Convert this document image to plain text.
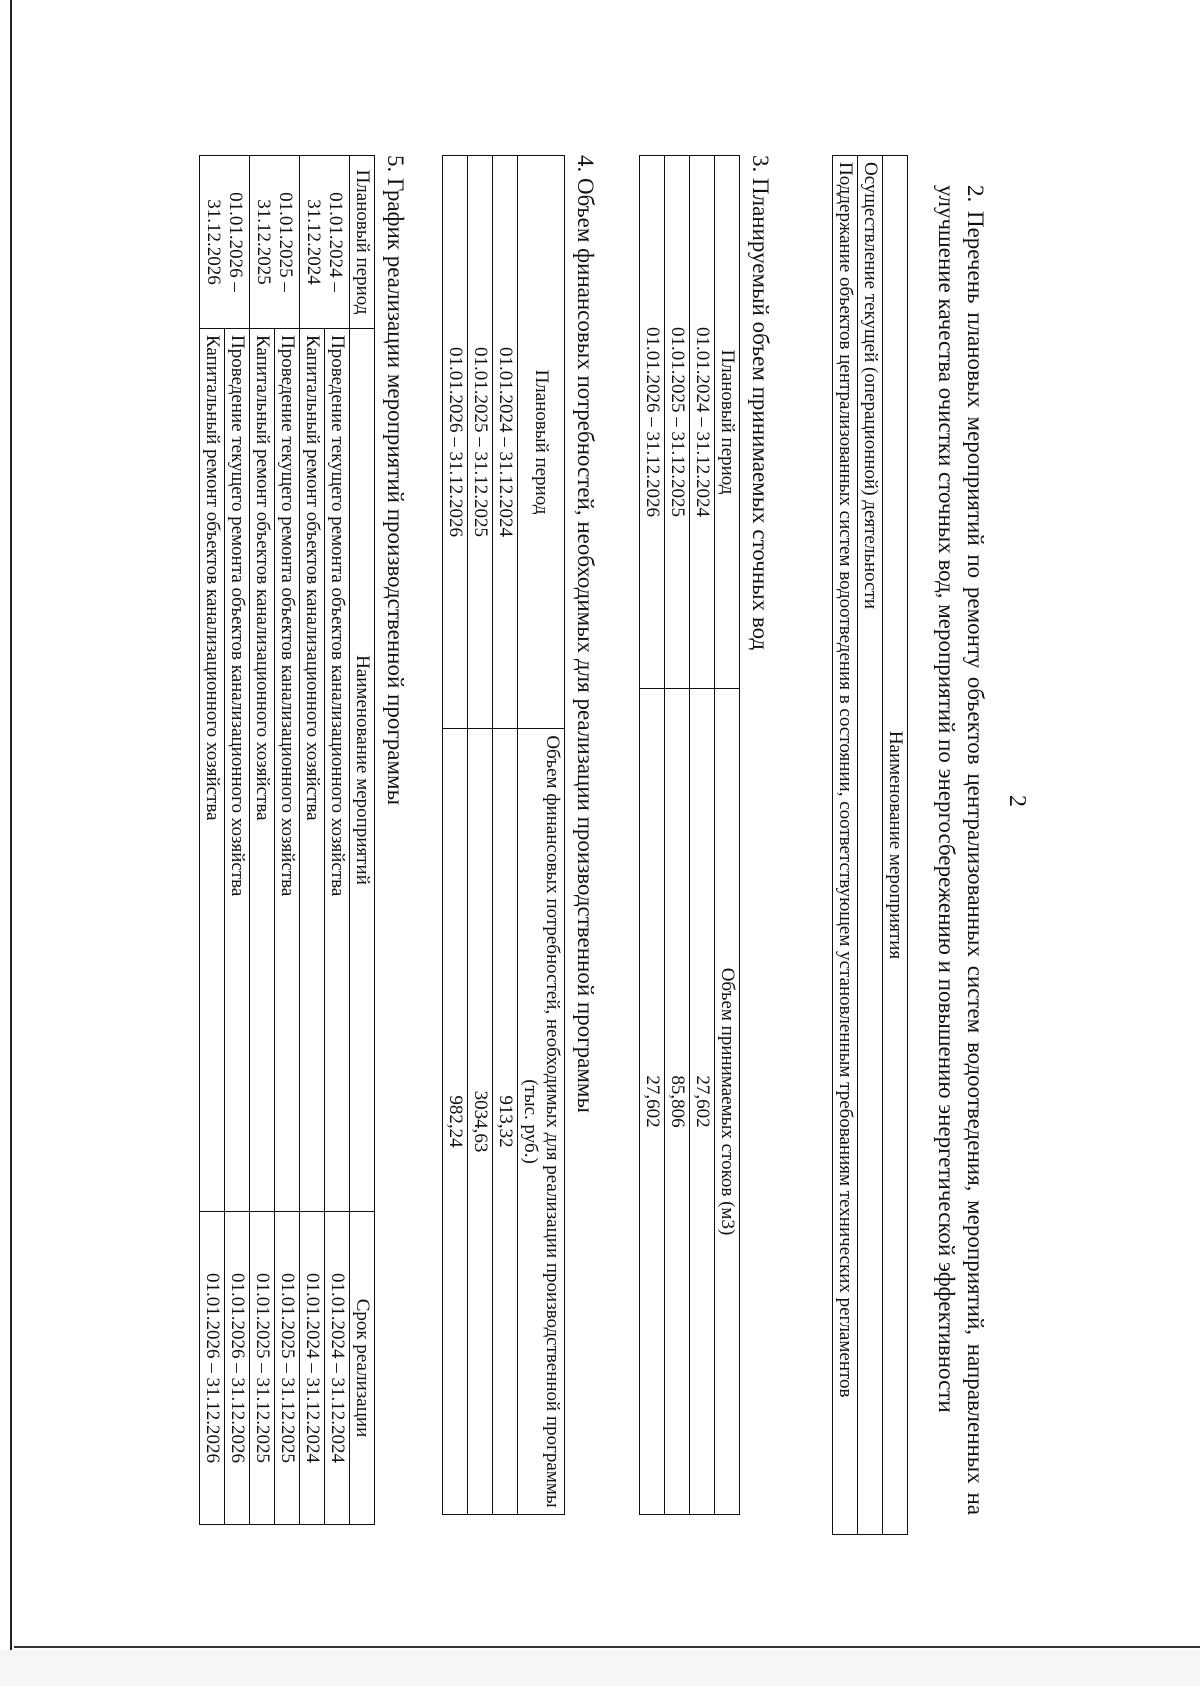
2
2. Перечень плановых мероприятий по ремонту объектов централизованных систем водоотведения, мероприятий, направленных на улучшение качества очистки сточных вод, мероприятий по энергосбережению и повышению энергетической эффективности
Наименование мероприятия
Осуществление текущей (операционной) деятельности
Поддержание объектов централизованных систем водоотведения в состоянии, соответствующем установленным требованиям технических регламентов
3. Планируемый объем принимаемых сточных вод
Плановый период	Объем принимаемых стоков (м3)
01.01.2024 – 31.12.2024	27,602
01.01.2025 – 31.12.2025	85,806
01.01.2026 – 31.12.2026	27,602
4. Объем финансовых потребностей, необходимых для реализации производственной программы
Плановый период	Объем финансовых потребностей, необходимых для реализации производственной программы (тыс. руб.)
01.01.2024 – 31.12.2024	913,32
01.01.2025 – 31.12.2025	3034,63
01.01.2026 – 31.12.2026	982,24
5. График реализации мероприятий производственной программы
Плановый период	Наименование мероприятий	Срок реализации
01.01.2024 – 31.12.2024	Проведение текущего ремонта объектов канализационного хозяйства	01.01.2024 – 31.12.2024
	Капитальный ремонт объектов канализационного хозяйства	01.01.2024 – 31.12.2024
01.01.2025 – 31.12.2025	Проведение текущего ремонта объектов канализационного хозяйства	01.01.2025 – 31.12.2025
	Капитальный ремонт объектов канализационного хозяйства	01.01.2025 – 31.12.2025
01.01.2026 – 31.12.2026	Проведение текущего ремонта объектов канализационного хозяйства	01.01.2026 – 31.12.2026
	Капитальный ремонт объектов канализационного хозяйства	01.01.2026 – 31.12.2026
